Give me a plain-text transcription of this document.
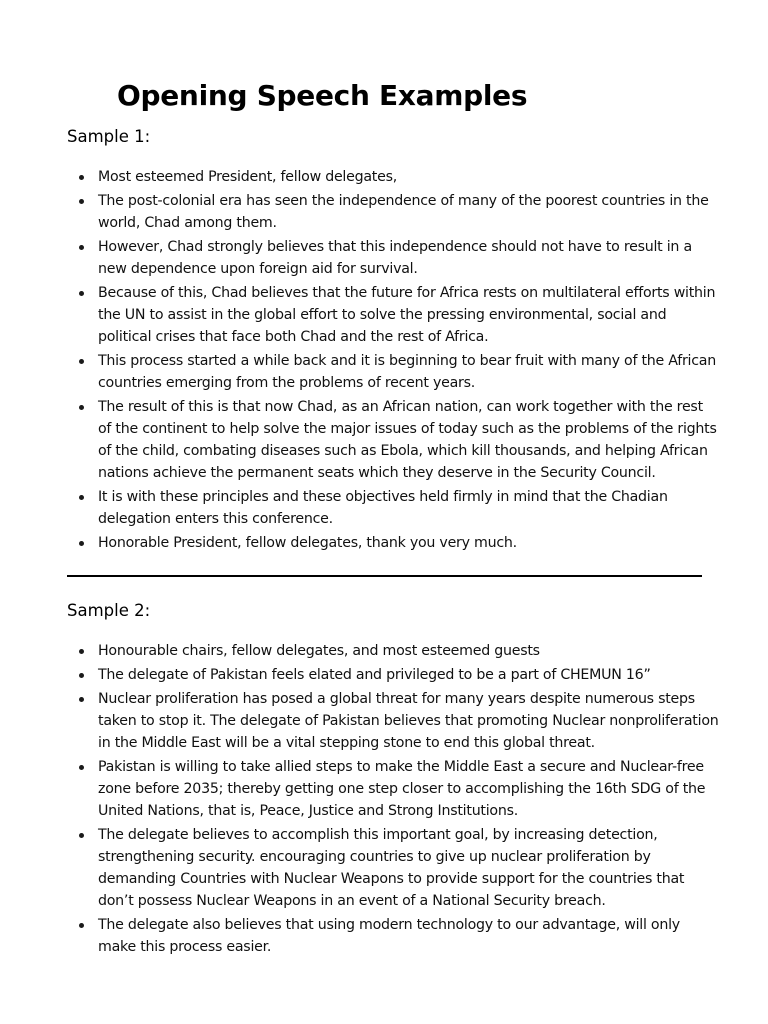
Opening Speech Examples
Sample 1:
Most esteemed President, fellow delegates,
The post-colonial era has seen the independence of many of the poorest countries in the world, Chad among them.
However, Chad strongly believes that this independence should not have to result in a new dependence upon foreign aid for survival.
Because of this, Chad believes that the future for Africa rests on multilateral efforts within the UN to assist in the global effort to solve the pressing environmental, social and political crises that face both Chad and the rest of Africa.
This process started a while back and it is beginning to bear fruit with many of the African countries emerging from the problems of recent years.
The result of this is that now Chad, as an African nation, can work together with the rest of the continent to help solve the major issues of today such as the problems of the rights of the child, combating diseases such as Ebola, which kill thousands, and helping African nations achieve the permanent seats which they deserve in the Security Council.
It is with these principles and these objectives held firmly in mind that the Chadian delegation enters this conference.
Honorable President, fellow delegates, thank you very much.
Sample 2:
Honourable chairs, fellow delegates, and most esteemed guests
The delegate of Pakistan feels elated and privileged to be a part of CHEMUN 16”
Nuclear proliferation has posed a global threat for many years despite numerous steps taken to stop it. The delegate of Pakistan believes that promoting Nuclear nonproliferation in the Middle East will be a vital stepping stone to end this global threat.
Pakistan is willing to take allied steps to make the Middle East a secure and Nuclear-free zone before 2035; thereby getting one step closer to accomplishing the 16th SDG of the United Nations, that is, Peace, Justice and Strong Institutions.
The delegate believes to accomplish this important goal, by increasing detection, strengthening security. encouraging countries to give up nuclear proliferation by demanding Countries with Nuclear Weapons to provide support for the countries that don’t possess Nuclear Weapons in an event of a National Security breach.
The delegate also believes that using modern technology to our advantage, will only make this process easier.
